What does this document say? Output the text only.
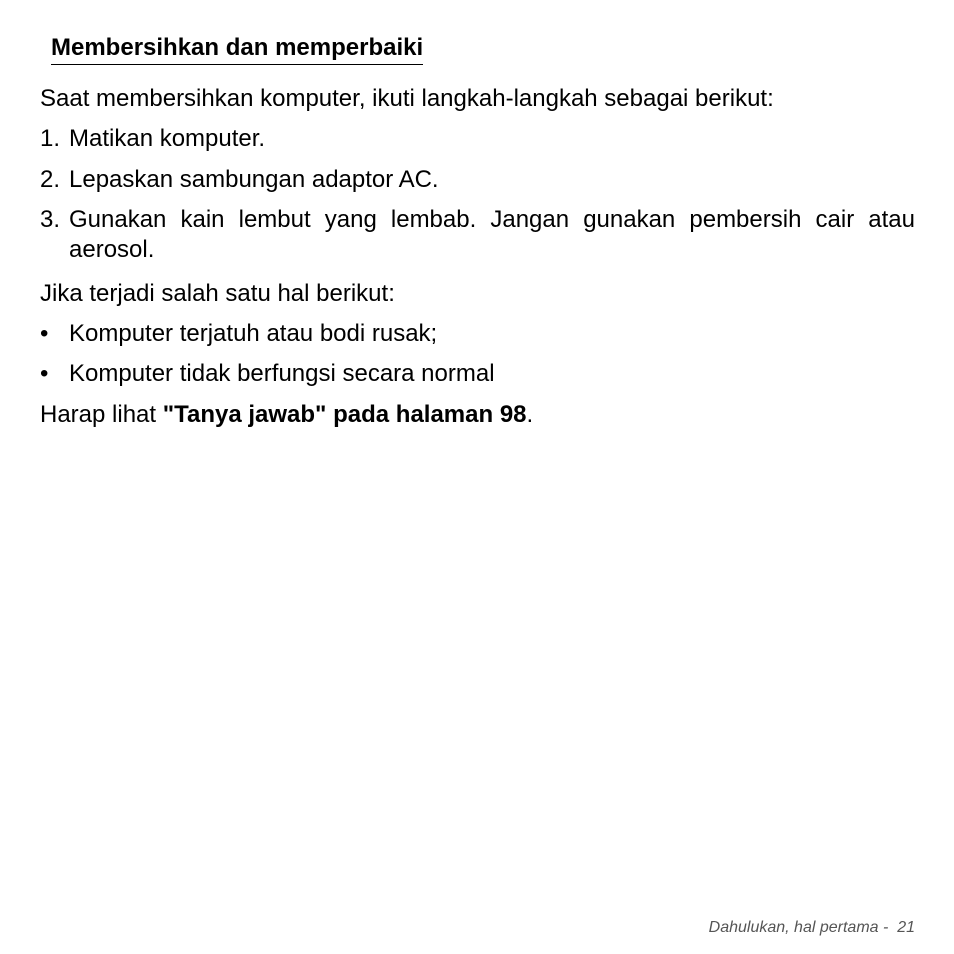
Membersihkan dan memperbaiki
Saat membersihkan komputer, ikuti langkah-langkah sebagai berikut:
1. Matikan komputer.
2. Lepaskan sambungan adaptor AC.
3. Gunakan kain lembut yang lembab. Jangan gunakan pembersih cair atau aerosol.
Jika terjadi salah satu hal berikut:
• Komputer terjatuh atau bodi rusak;
• Komputer tidak berfungsi secara normal
Harap lihat "Tanya jawab" pada halaman 98.
Dahulukan, hal pertama - 21
